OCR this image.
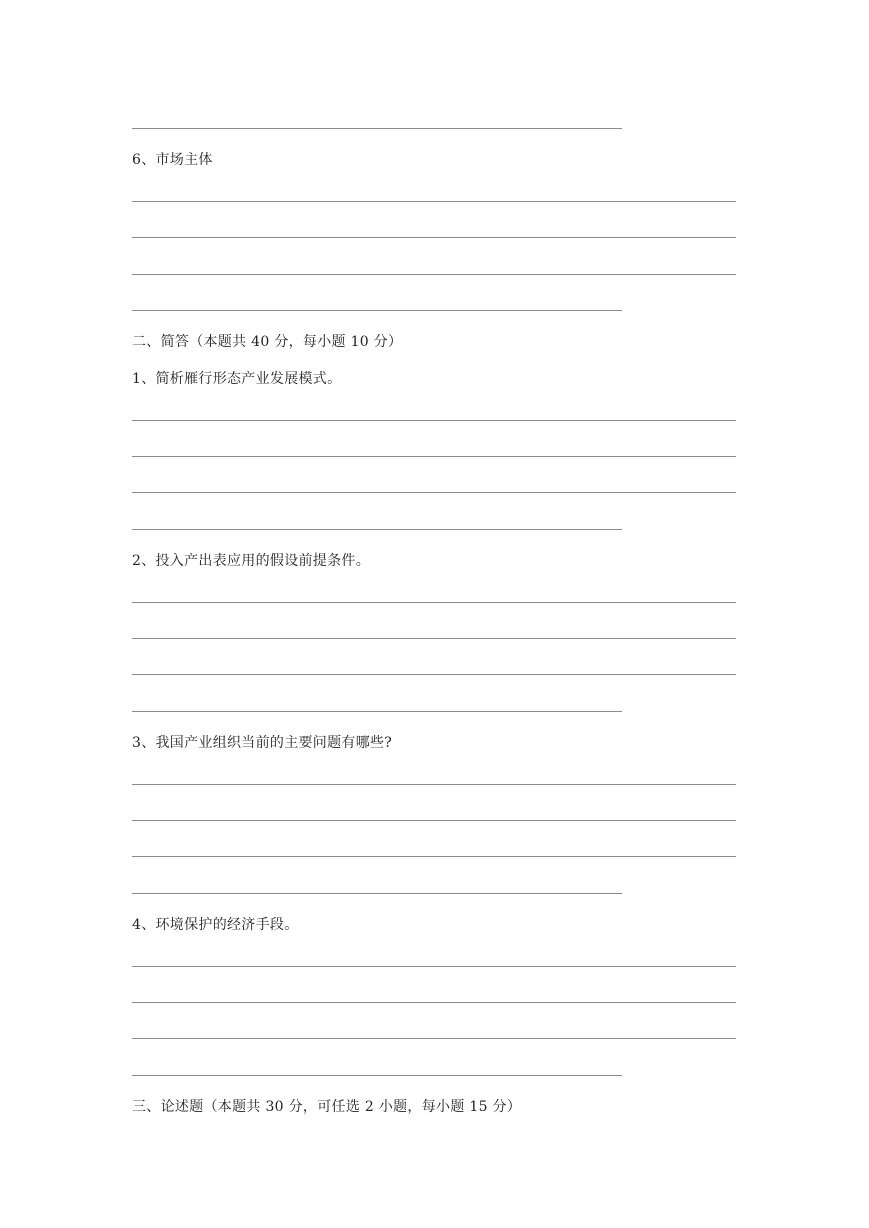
6、市场主体
二、简答（本题共 40 分，每小题 10 分）
1、简析雁行形态产业发展模式。
2、投入产出表应用的假设前提条件。
3、我国产业组织当前的主要问题有哪些?
4、环境保护的经济手段。
三、论述题（本题共 30 分，可任选 2 小题，每小题 15 分）
